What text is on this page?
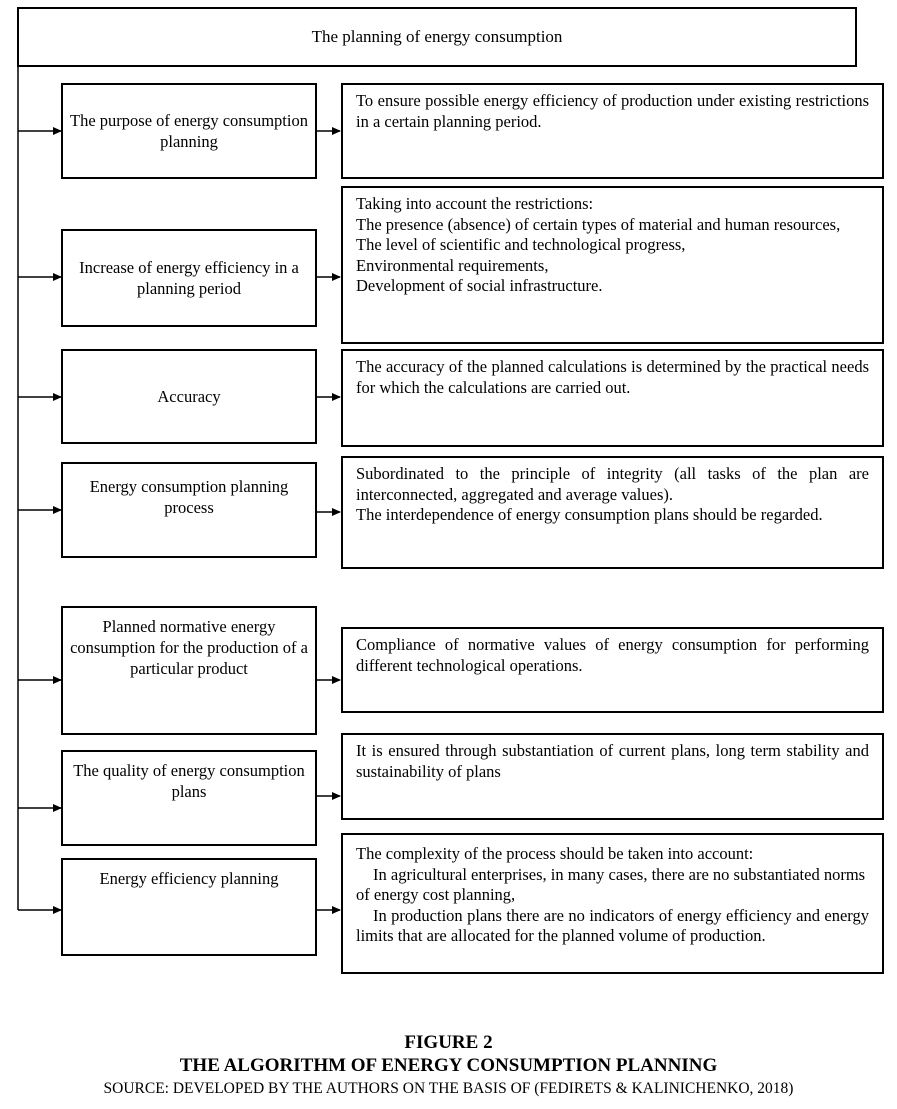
The planning of energy consumption
The purpose of energy consumption planning

To ensure possible energy efficiency of production under existing restrictions in a certain planning period.

Increase of energy efficiency in a planning period

Taking into account the restrictions:

The presence (absence) of certain types of material and human resources,

The level of scientific and technological progress,

Environmental requirements,

Development of social infrastructure.

Accuracy

The accuracy of the planned calculations is determined by the practical needs for which the calculations are carried out.

Energy consumption planning process

Subordinated to the principle of integrity (all tasks of the plan are interconnected, aggregated and average values).

The interdependence of energy consumption plans should be regarded.

Planned normative energy consumption for the production of a particular product

Compliance of normative values of energy consumption for performing different technological operations.

The quality of energy consumption plans

It is ensured through substantiation of current plans, long term stability and sustainability of plans

Energy efficiency planning

The complexity of the process should be taken into account:

In agricultural enterprises, in many cases, there are no substantiated norms of energy cost planning,

In production plans there are no indicators of energy efficiency and energy limits that are allocated for the planned volume of production.

FIGURE 2
THE ALGORITHM OF ENERGY CONSUMPTION PLANNING
SOURCE: DEVELOPED BY THE AUTHORS ON THE BASIS OF (FEDIRETS & KALINICHENKO, 2018)
